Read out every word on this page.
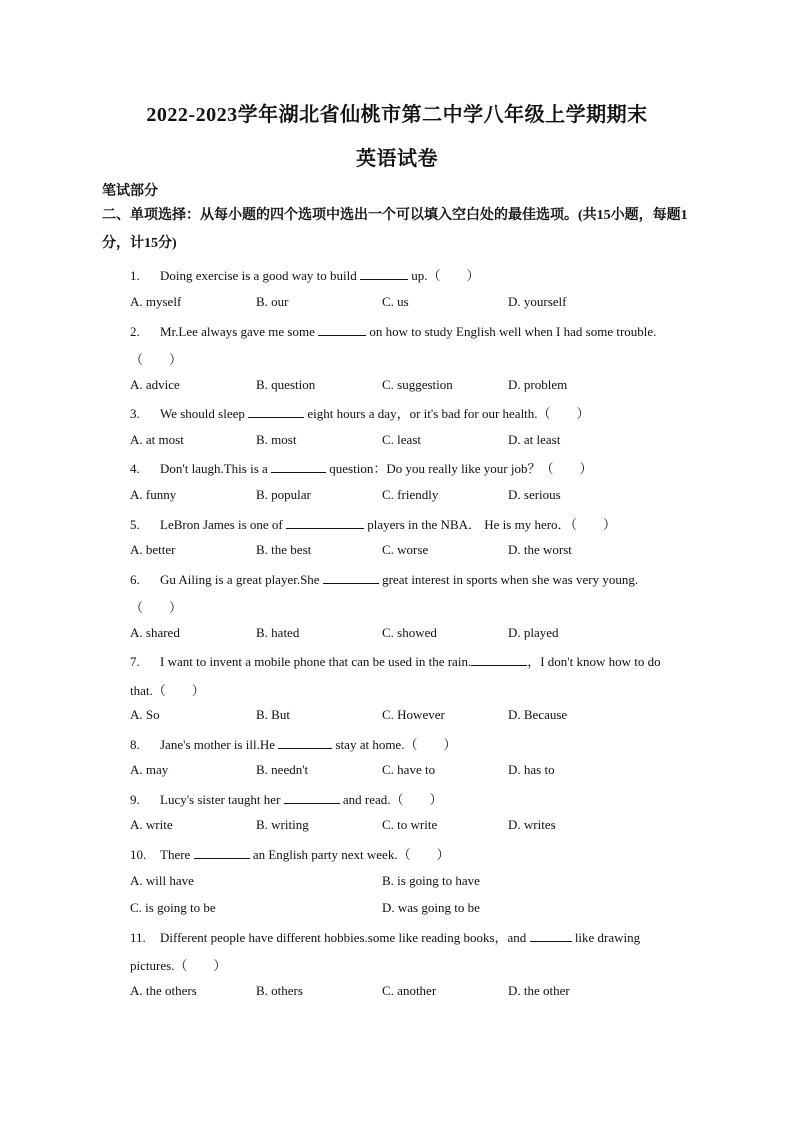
2022-2023学年湖北省仙桃市第二中学八年级上学期期末
英语试卷
笔试部分
二、单项选择：从每小题的四个选项中选出一个可以填入空白处的最佳选项。(共15小题，每题1分，计15分)
1. Doing exercise is a good way to build	up.（　　）
A. myself	B. our	C. us	D. yourself
2. Mr.Lee always gave me some	on how to study English well when I had some trouble.
（　　）
A. advice	B. question	C. suggestion	D. problem
3. We should sleep	eight hours a day，or it's bad for our health.（　　）
A. at most	B. most	C. least	D. at least
4. Don't laugh.This is a	question：Do you really like your job？（　　）
A. funny	B. popular	C. friendly	D. serious
5. LeBron James is one of	players in the NBA． He is my hero．（　　）
A. better	B. the best	C. worse	D. the worst
6. Gu Ailing is a great player.She	great interest in sports when she was very young.
（　　）
A. shared	B. hated	C. showed	D. played
7. I want to invent a mobile phone that can be used in the rain.	，I don't know how to do
that.（　　）
A. So	B. But	C. However	D. Because
8. Jane's mother is ill.He	stay at home.（　　）
A. may	B. needn't	C. have to	D. has to
9. Lucy's sister taught her	and read.（　　）
A. write	B. writing	C. to write	D. writes
10. There	an English party next week.（　　）
A. will have	B. is going to have
C. is going to be	D. was going to be
11. Different people have different hobbies.some like reading books，and	like drawing
pictures.（　　）
A. the others	B. others	C. another	D. the other
